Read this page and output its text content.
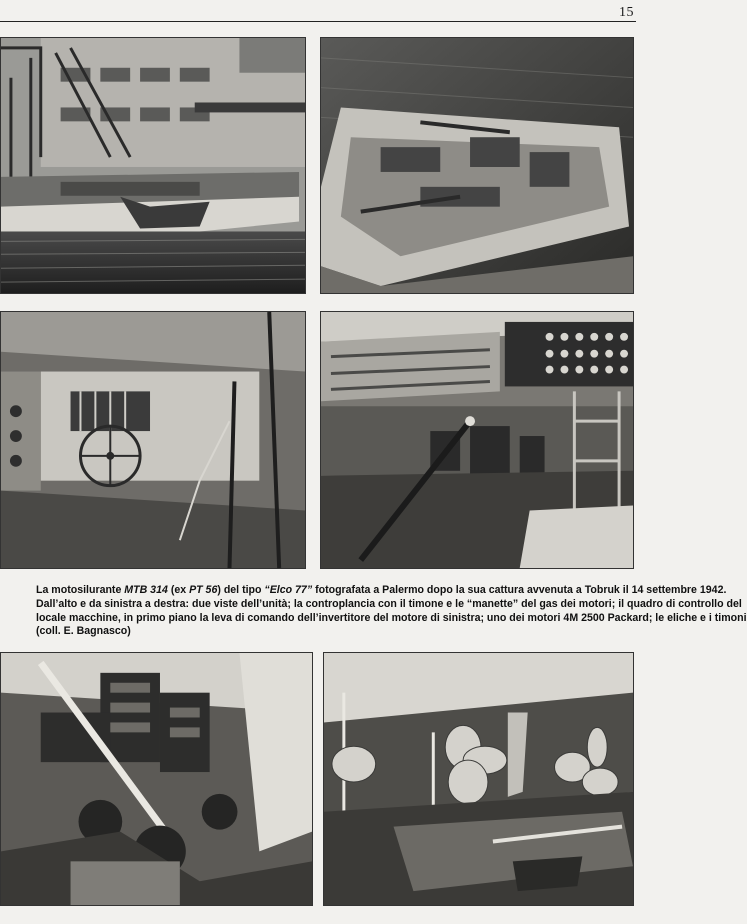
15
La motosilurante MTB 314 (ex PT 56) del tipo “Elco 77” fotografata a Palermo dopo la sua cattura avvenuta a Tobruk il 14 settembre 1942.
Dall’alto e da sinistra a destra: due viste dell’unità; la controplancia con il timone e le “manette” del gas dei motori; il quadro di controllo del
locale macchine, in primo piano la leva di comando dell’invertitore del motore di sinistra; uno dei motori 4M 2500 Packard; le eliche e i timoni
(coll. E. Bagnasco)
